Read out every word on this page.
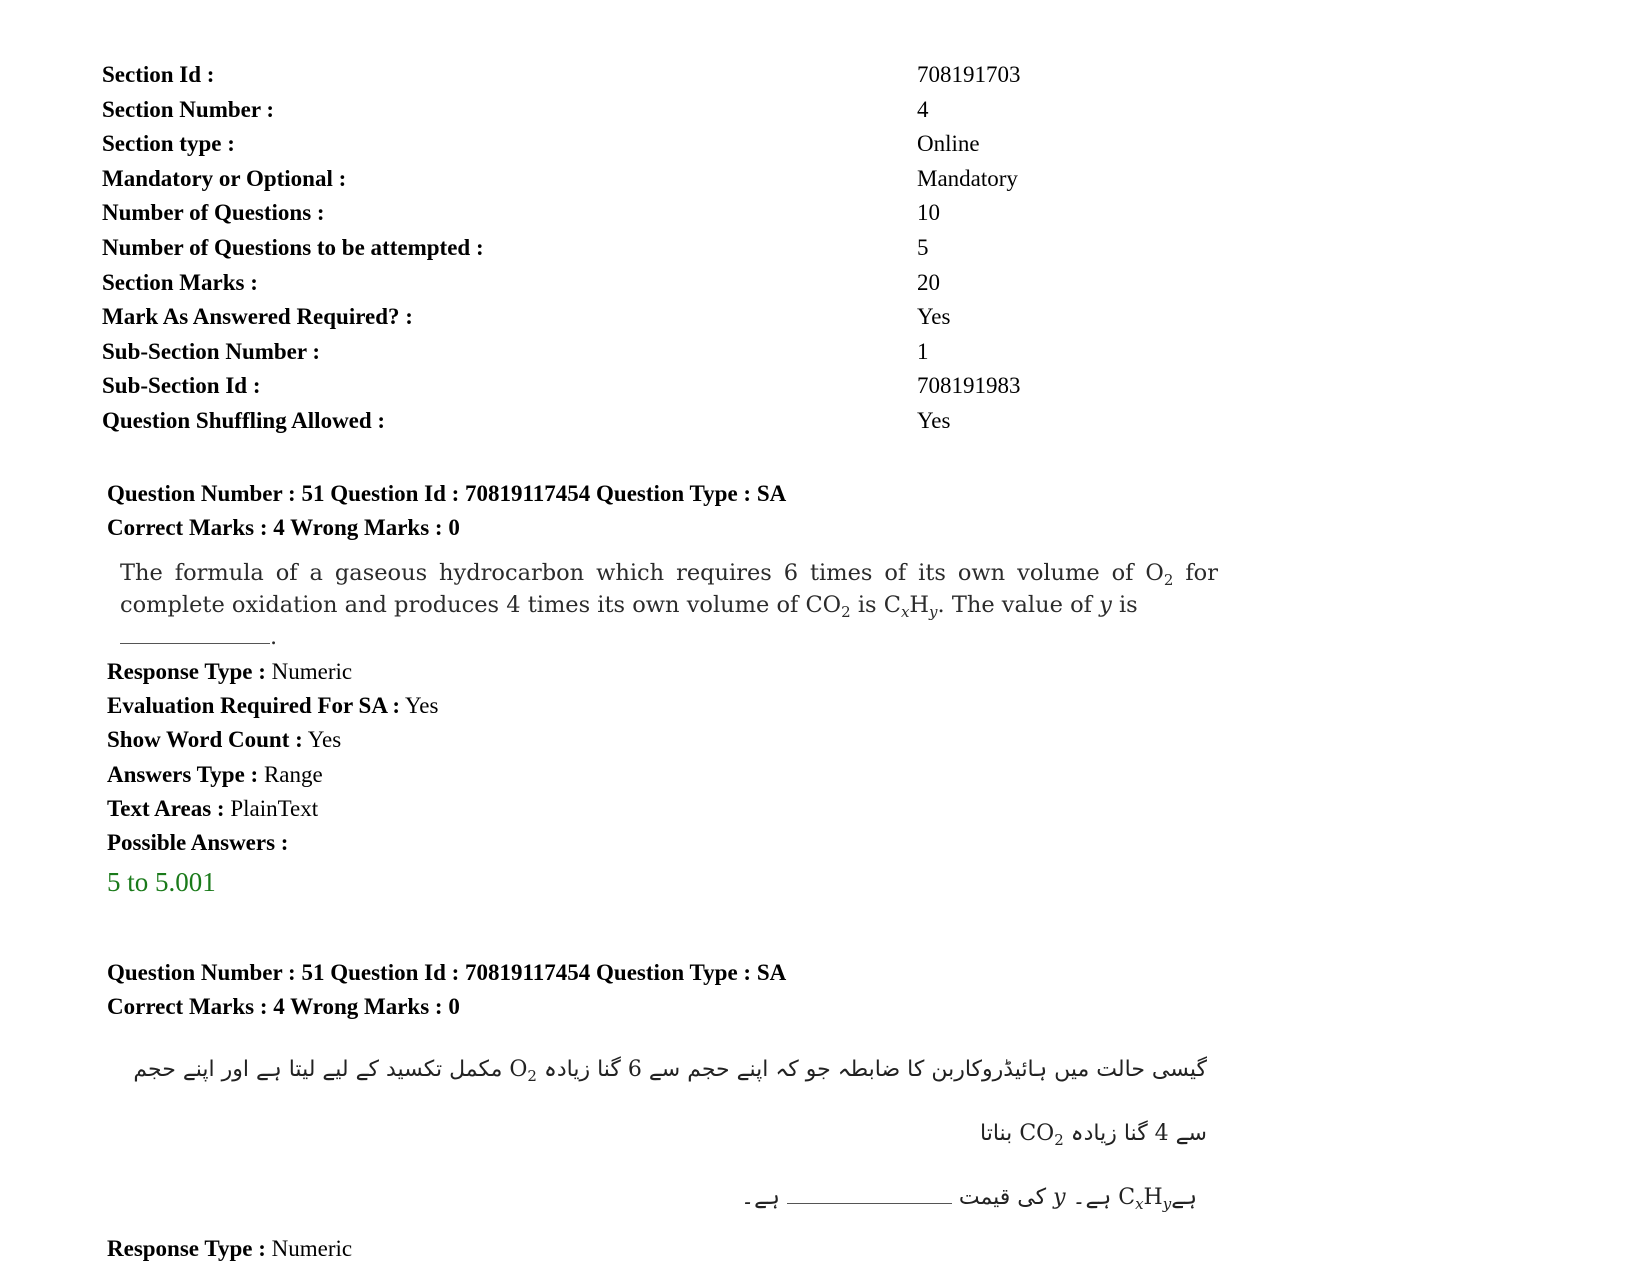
Section Id :	708191703
Section Number :	4
Section type :	Online
Mandatory or Optional :	Mandatory
Number of Questions :	10
Number of Questions to be attempted :	5
Section Marks :	20
Mark As Answered Required? :	Yes
Sub-Section Number :	1
Sub-Section Id :	708191983
Question Shuffling Allowed :	Yes
Question Number : 51 Question Id : 70819117454 Question Type : SA
Correct Marks : 4 Wrong Marks : 0
The formula of a gaseous hydrocarbon which requires 6 times of its own volume of $O_2$ for complete oxidation and produces 4 times its own volume of $CO_2$ is $C_xH_y$. The value of y is
.
Response Type : Numeric
Evaluation Required For SA : Yes
Show Word Count : Yes
Answers Type : Range
Text Areas : PlainText
Possible Answers :
5 to 5.001
Question Number : 51 Question Id : 70819117454 Question Type : SA
Correct Marks : 4 Wrong Marks : 0
گیسی حالت میں ہائیڈروکاربن کا ضابطہ جو کہ اپنے حجم سے 6 گنا زیادہ $O_2$ مکمل تکسید کے لیے لیتا ہے اور اپنے حجم سے 4 گنا زیادہ $CO_2$ بناتا
$ہےC_xH_y$ ہے۔ y کی قیمت  ہے۔
Response Type : Numeric
